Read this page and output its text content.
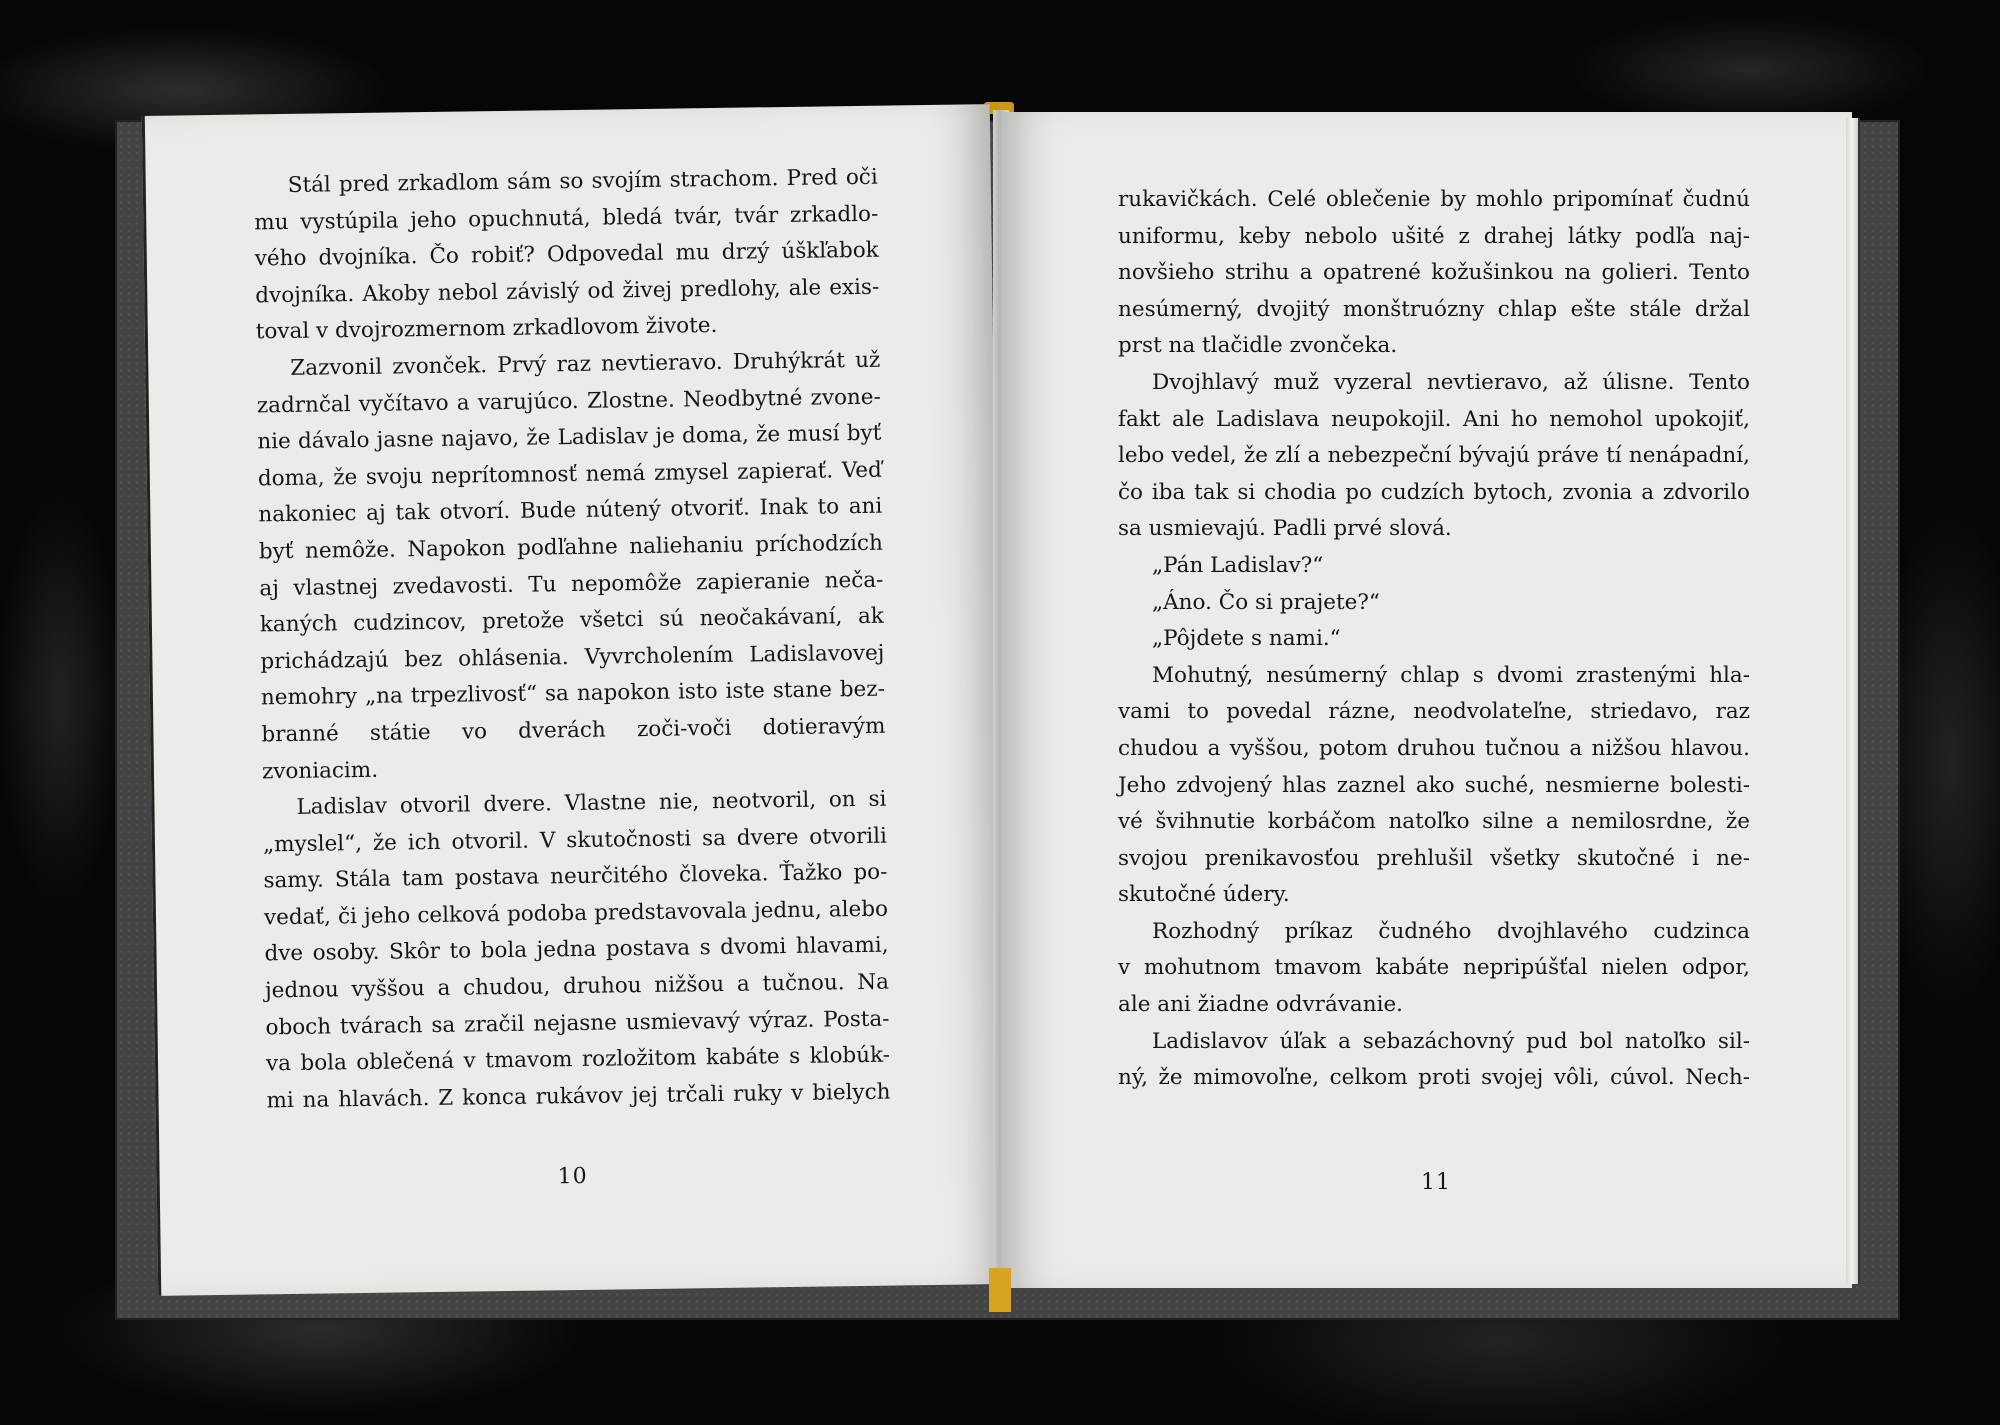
Stál pred zrkadlom sám so svojím strachom. Pred oči

mu vystúpila jeho opuchnutá, bledá tvár, tvár zrkadlo-

vého dvojníka. Čo robiť? Odpovedal mu drzý úškľabok

dvojníka. Akoby nebol závislý od živej predlohy, ale exis-

toval v dvojrozmernom zrkadlovom živote.

Zazvonil zvonček. Prvý raz nevtieravo. Druhýkrát už

zadrnčal vyčítavo a varujúco. Zlostne. Neodbytné zvone-

nie dávalo jasne najavo, že Ladislav je doma, že musí byť

doma, že svoju neprítomnosť nemá zmysel zapierať. Veď

nakoniec aj tak otvorí. Bude nútený otvoriť. Inak to ani

byť nemôže. Napokon podľahne naliehaniu príchodzích

aj vlastnej zvedavosti. Tu nepomôže zapieranie neča-

kaných cudzincov, pretože všetci sú neočakávaní, ak

prichádzajú bez ohlásenia. Vyvrcholením Ladislavovej

nemohry „na trpezlivosť“ sa napokon isto iste stane bez-

branné státie vo dverách zoči-voči dotieravým zvoniacim.

Ladislav otvoril dvere. Vlastne nie, neotvoril, on si

„myslel“, že ich otvoril. V skutočnosti sa dvere otvorili

samy. Stála tam postava neurčitého človeka. Ťažko po-

vedať, či jeho celková podoba predstavovala jednu, alebo

dve osoby. Skôr to bola jedna postava s dvomi hlavami,

jednou vyššou a chudou, druhou nižšou a tučnou. Na

oboch tvárach sa zračil nejasne usmievavý výraz. Posta-

va bola oblečená v tmavom rozložitom kabáte s klobúk-

mi na hlavách. Z konca rukávov jej trčali ruky v bielych

10

rukavičkách. Celé oblečenie by mohlo pripomínať čudnú

uniformu, keby nebolo ušité z drahej látky podľa naj-

novšieho strihu a opatrené kožušinkou na golieri. Tento

nesúmerný, dvojitý monštruózny chlap ešte stále držal

prst na tlačidle zvončeka.

Dvojhlavý muž vyzeral nevtieravo, až úlisne. Tento

fakt ale Ladislava neupokojil. Ani ho nemohol upokojiť,

lebo vedel, že zlí a nebezpeční bývajú práve tí nenápadní,

čo iba tak si chodia po cudzích bytoch, zvonia a zdvorilo

sa usmievajú. Padli prvé slová.

„Pán Ladislav?“

„Áno. Čo si prajete?“

„Pôjdete s nami.“

Mohutný, nesúmerný chlap s dvomi zrastenými hla-

vami to povedal rázne, neodvolateľne, striedavo, raz

chudou a vyššou, potom druhou tučnou a nižšou hlavou.

Jeho zdvojený hlas zaznel ako suché, nesmierne bolesti-

vé švihnutie korbáčom natoľko silne a nemilosrdne, že

svojou prenikavosťou prehlušil všetky skutočné i ne-

skutočné údery.

Rozhodný príkaz čudného dvojhlavého cudzinca

v mohutnom tmavom kabáte nepripúšťal nielen odpor,

ale ani žiadne odvrávanie.

Ladislavov úľak a sebazáchovný pud bol natoľko sil-

ný, že mimovoľne, celkom proti svojej vôli, cúvol. Nech-

11
